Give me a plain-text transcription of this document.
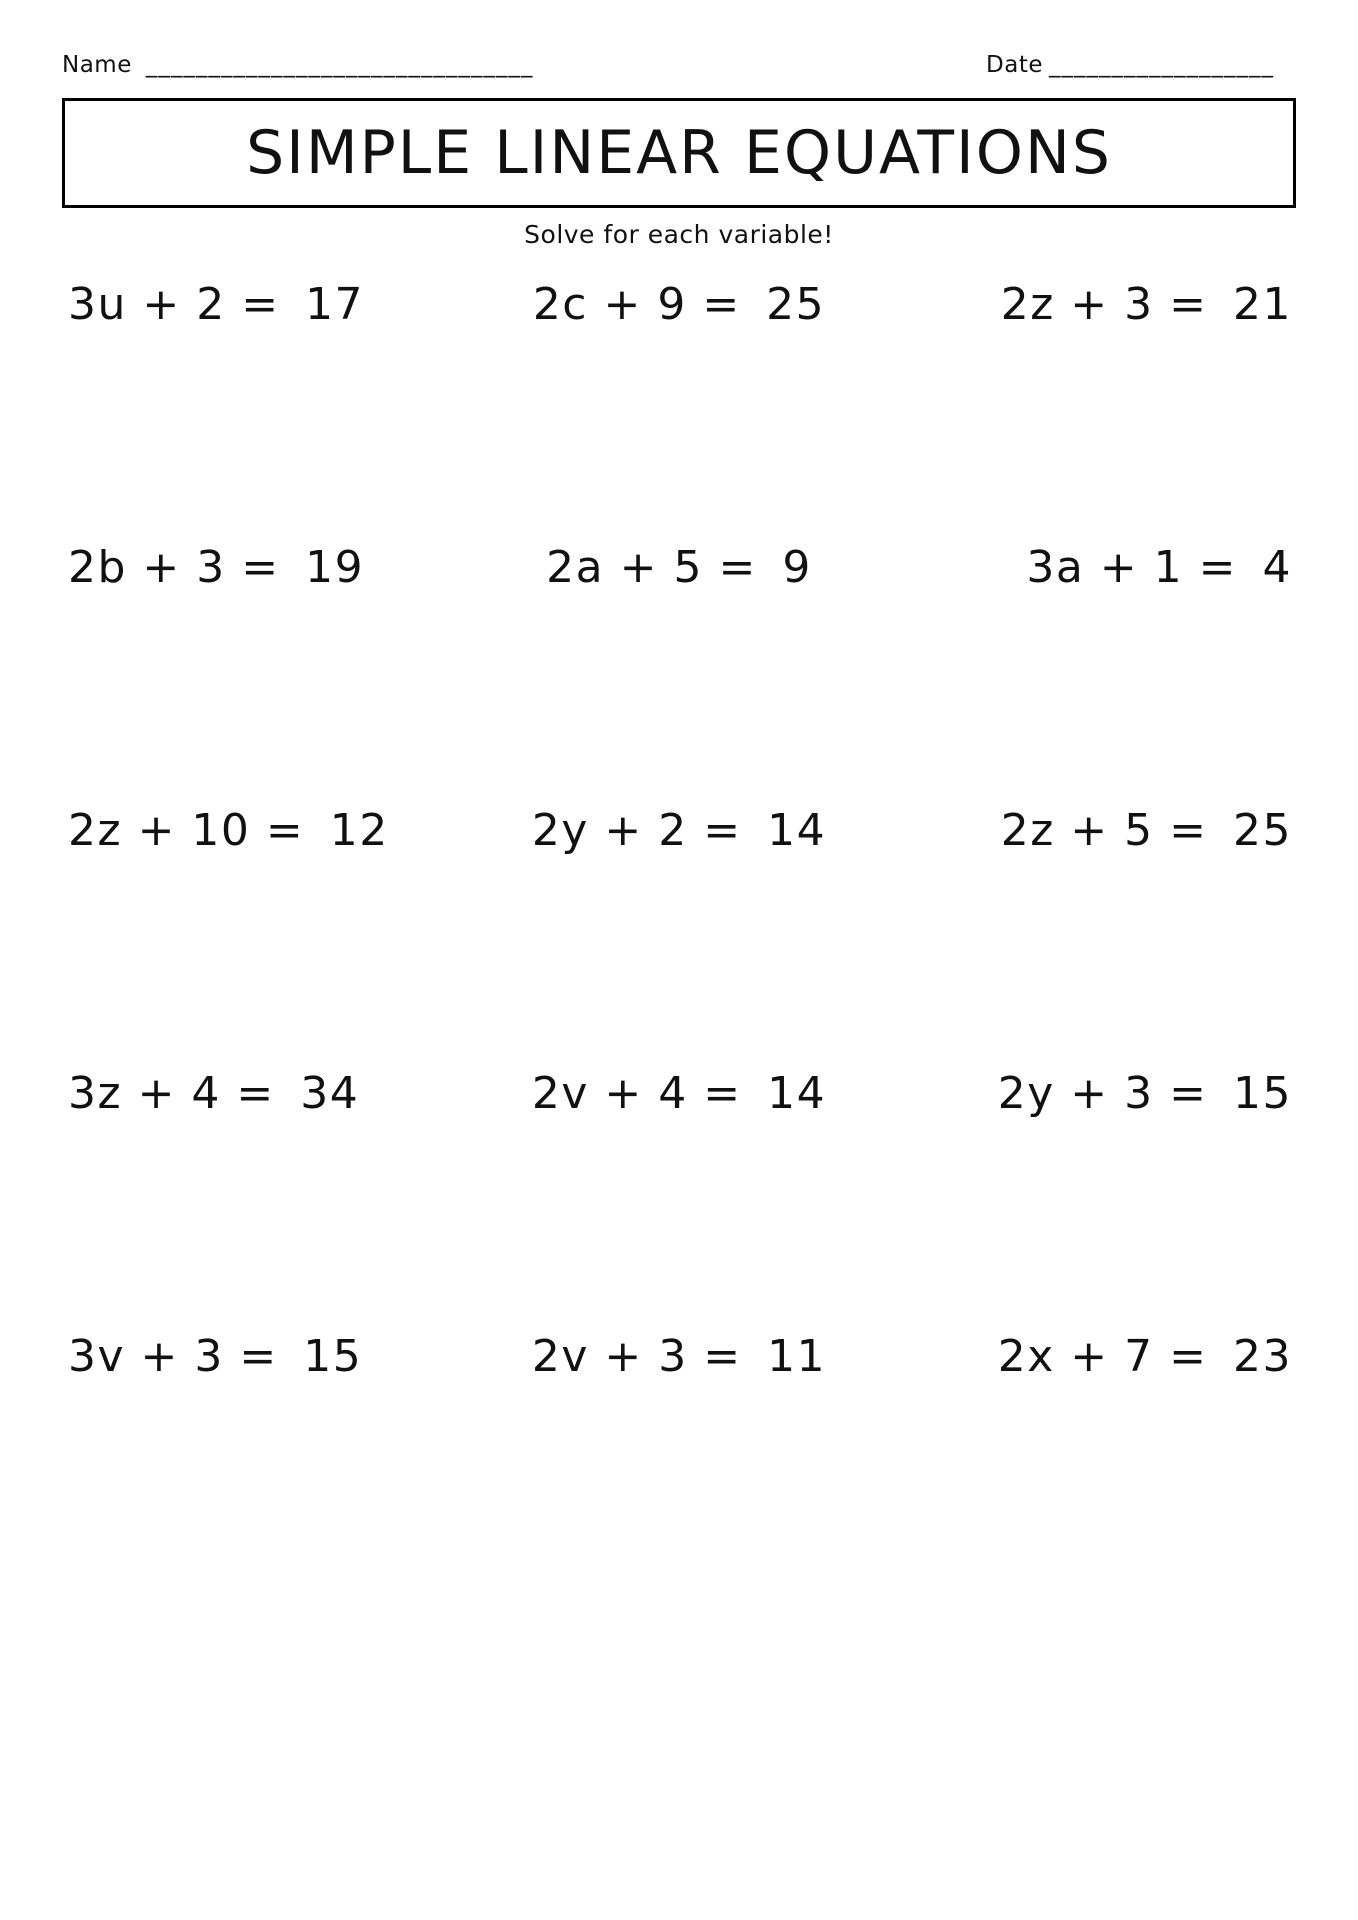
Name _______________________________	Date __________________
SIMPLE LINEAR EQUATIONS
Solve for each variable!
3u + 2 = 17	2c + 9 = 25	2z + 3 = 21
2b + 3 = 19	2a + 5 = 9	3a + 1 = 4
2z + 10 = 12	2y + 2 = 14	2z + 5 = 25
3z + 4 = 34	2v + 4 = 14	2y + 3 = 15
3v + 3 = 15	2v + 3 = 11	2x + 7 = 23
